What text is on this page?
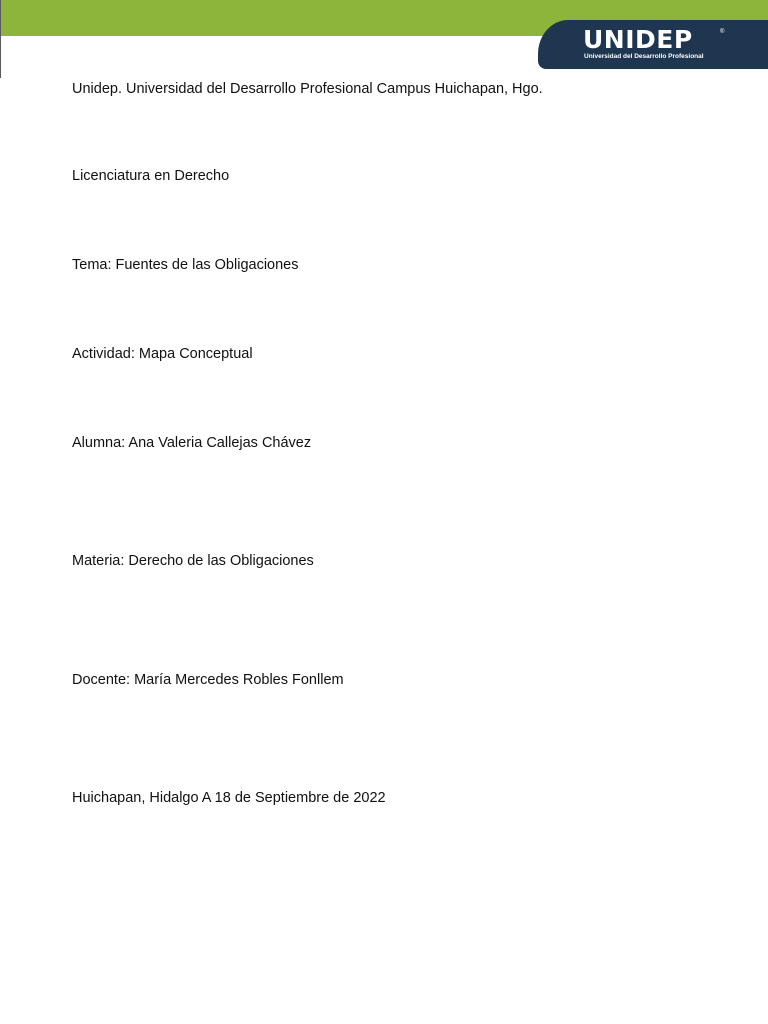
UNIDEP	®
Universidad del Desarrollo Profesional
Unidep. Universidad del Desarrollo Profesional Campus Huichapan, Hgo.
Licenciatura en Derecho
Tema: Fuentes de las Obligaciones
Actividad: Mapa Conceptual
Alumna: Ana Valeria Callejas Chávez
Materia: Derecho de las Obligaciones
Docente: María Mercedes Robles Fonllem
Huichapan, Hidalgo A 18 de Septiembre de 2022
